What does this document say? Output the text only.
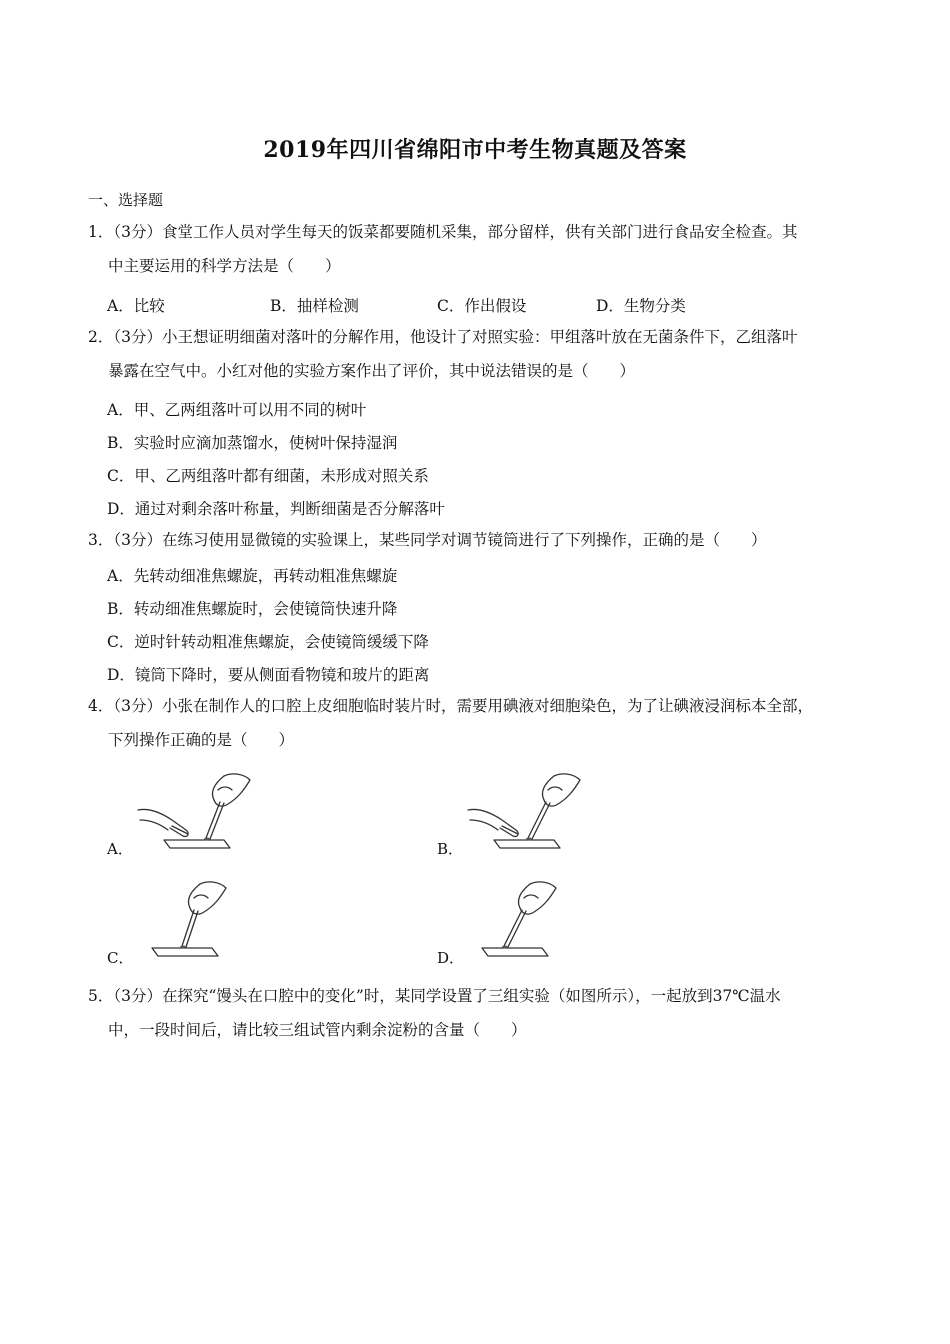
2019年四川省绵阳市中考生物真题及答案
一、选择题
1．（3分）食堂工作人员对学生每天的饭菜都要随机采集，部分留样，供有关部门进行食品安全检查。其
中主要运用的科学方法是（　　）
A．比较	B．抽样检测	C．作出假设	D．生物分类
2．（3分）小王想证明细菌对落叶的分解作用，他设计了对照实验：甲组落叶放在无菌条件下，乙组落叶
暴露在空气中。小红对他的实验方案作出了评价，其中说法错误的是（　　）
A．甲、乙两组落叶可以用不同的树叶
B．实验时应滴加蒸馏水，使树叶保持湿润
C．甲、乙两组落叶都有细菌，未形成对照关系
D．通过对剩余落叶称量，判断细菌是否分解落叶
3．（3分）在练习使用显微镜的实验课上，某些同学对调节镜筒进行了下列操作，正确的是（　　）
A．先转动细准焦螺旋，再转动粗准焦螺旋
B．转动细准焦螺旋时，会使镜筒快速升降
C．逆时针转动粗准焦螺旋，会使镜筒缓缓下降
D．镜筒下降时，要从侧面看物镜和玻片的距离
4．（3分）小张在制作人的口腔上皮细胞临时装片时，需要用碘液对细胞染色，为了让碘液浸润标本全部，
下列操作正确的是（　　）
A．	B．
C．	D．
5．（3分）在探究“馒头在口腔中的变化”时，某同学设置了三组实验（如图所示），一起放到37℃温水
中，一段时间后，请比较三组试管内剩余淀粉的含量（　　）
